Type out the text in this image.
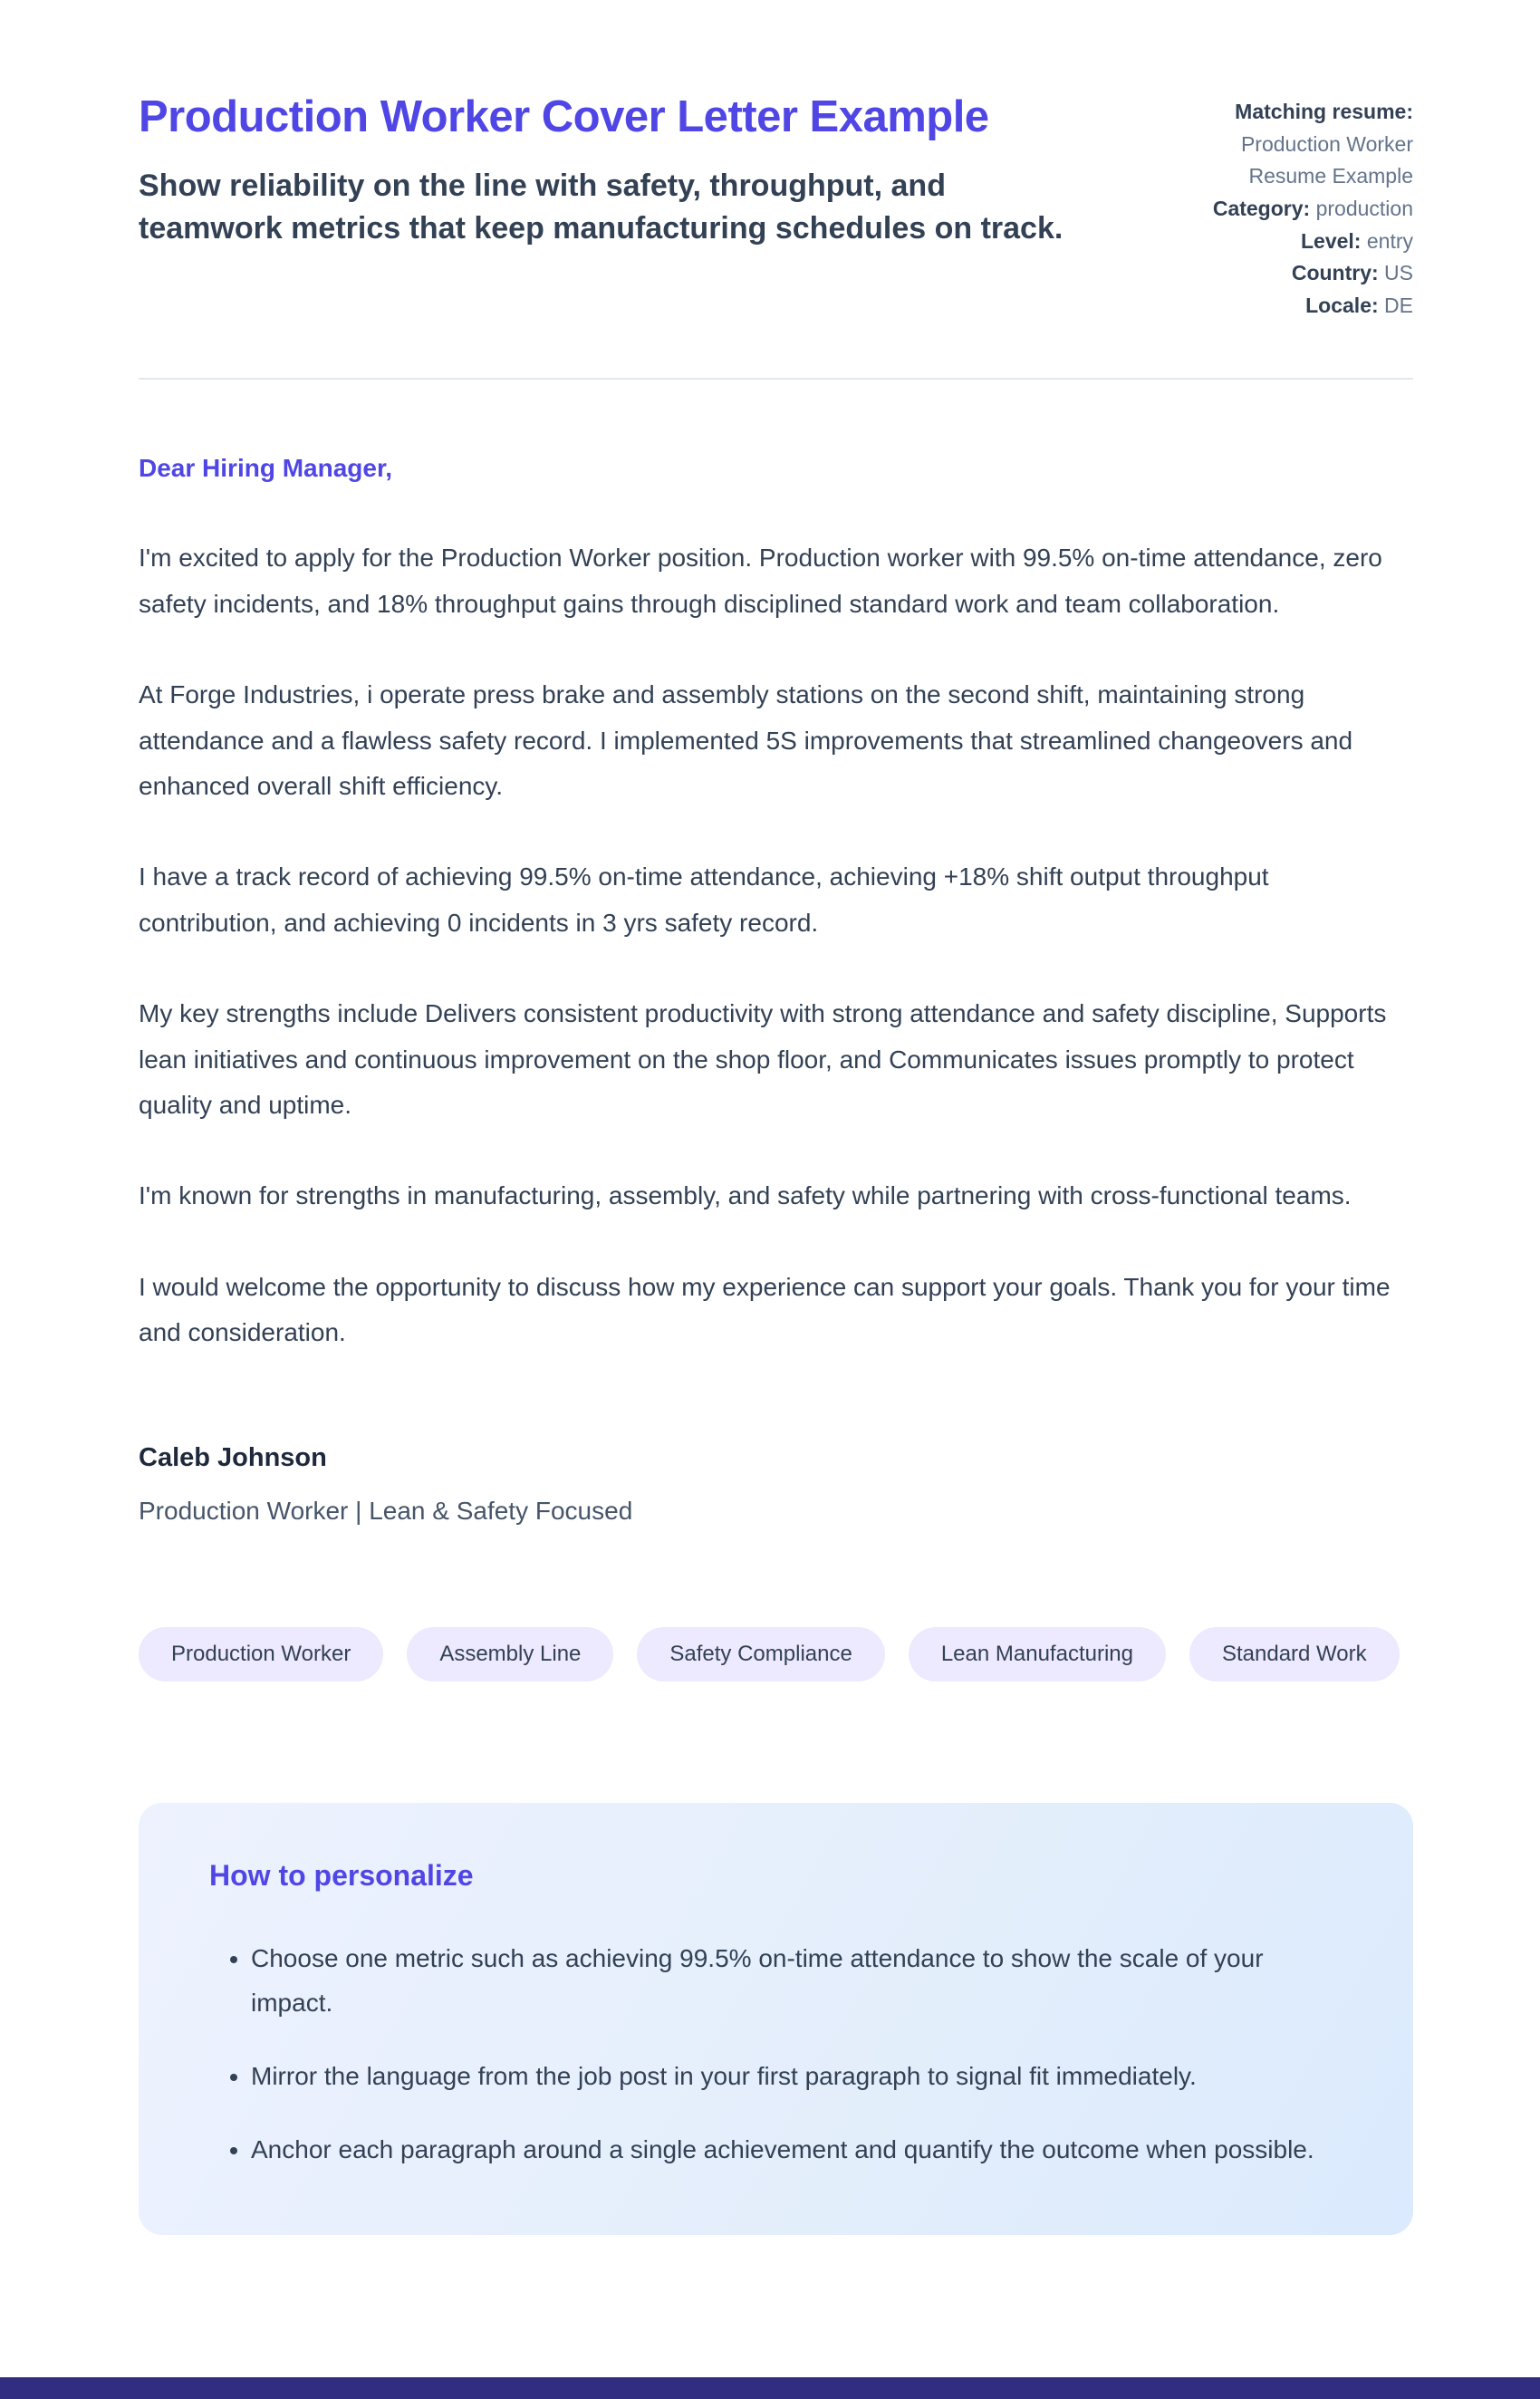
Production Worker Cover Letter Example
Show reliability on the line with safety, throughput, and teamwork metrics that keep manufacturing schedules on track.
Matching resume:
Production Worker
Resume Example
Category: production
Level: entry
Country: US
Locale: DE
Dear Hiring Manager,

I'm excited to apply for the Production Worker position. Production worker with 99.5% on-time attendance, zero safety incidents, and 18% throughput gains through disciplined standard work and team collaboration.

At Forge Industries, i operate press brake and assembly stations on the second shift, maintaining strong attendance and a flawless safety record. I implemented 5S improvements that streamlined changeovers and enhanced overall shift efficiency.

I have a track record of achieving 99.5% on-time attendance, achieving +18% shift output throughput contribution, and achieving 0 incidents in 3 yrs safety record.

My key strengths include Delivers consistent productivity with strong attendance and safety discipline, Supports lean initiatives and continuous improvement on the shop floor, and Communicates issues promptly to protect quality and uptime.

I'm known for strengths in manufacturing, assembly, and safety while partnering with cross-functional teams.

I would welcome the opportunity to discuss how my experience can support your goals. Thank you for your time and consideration.

Caleb Johnson
Production Worker | Lean & Safety Focused
Production Worker	Assembly Line	Safety Compliance	Lean Manufacturing	Standard Work
How to personalize
• Choose one metric such as achieving 99.5% on-time attendance to show the scale of your impact.
• Mirror the language from the job post in your first paragraph to signal fit immediately.
• Anchor each paragraph around a single achievement and quantify the outcome when possible.
